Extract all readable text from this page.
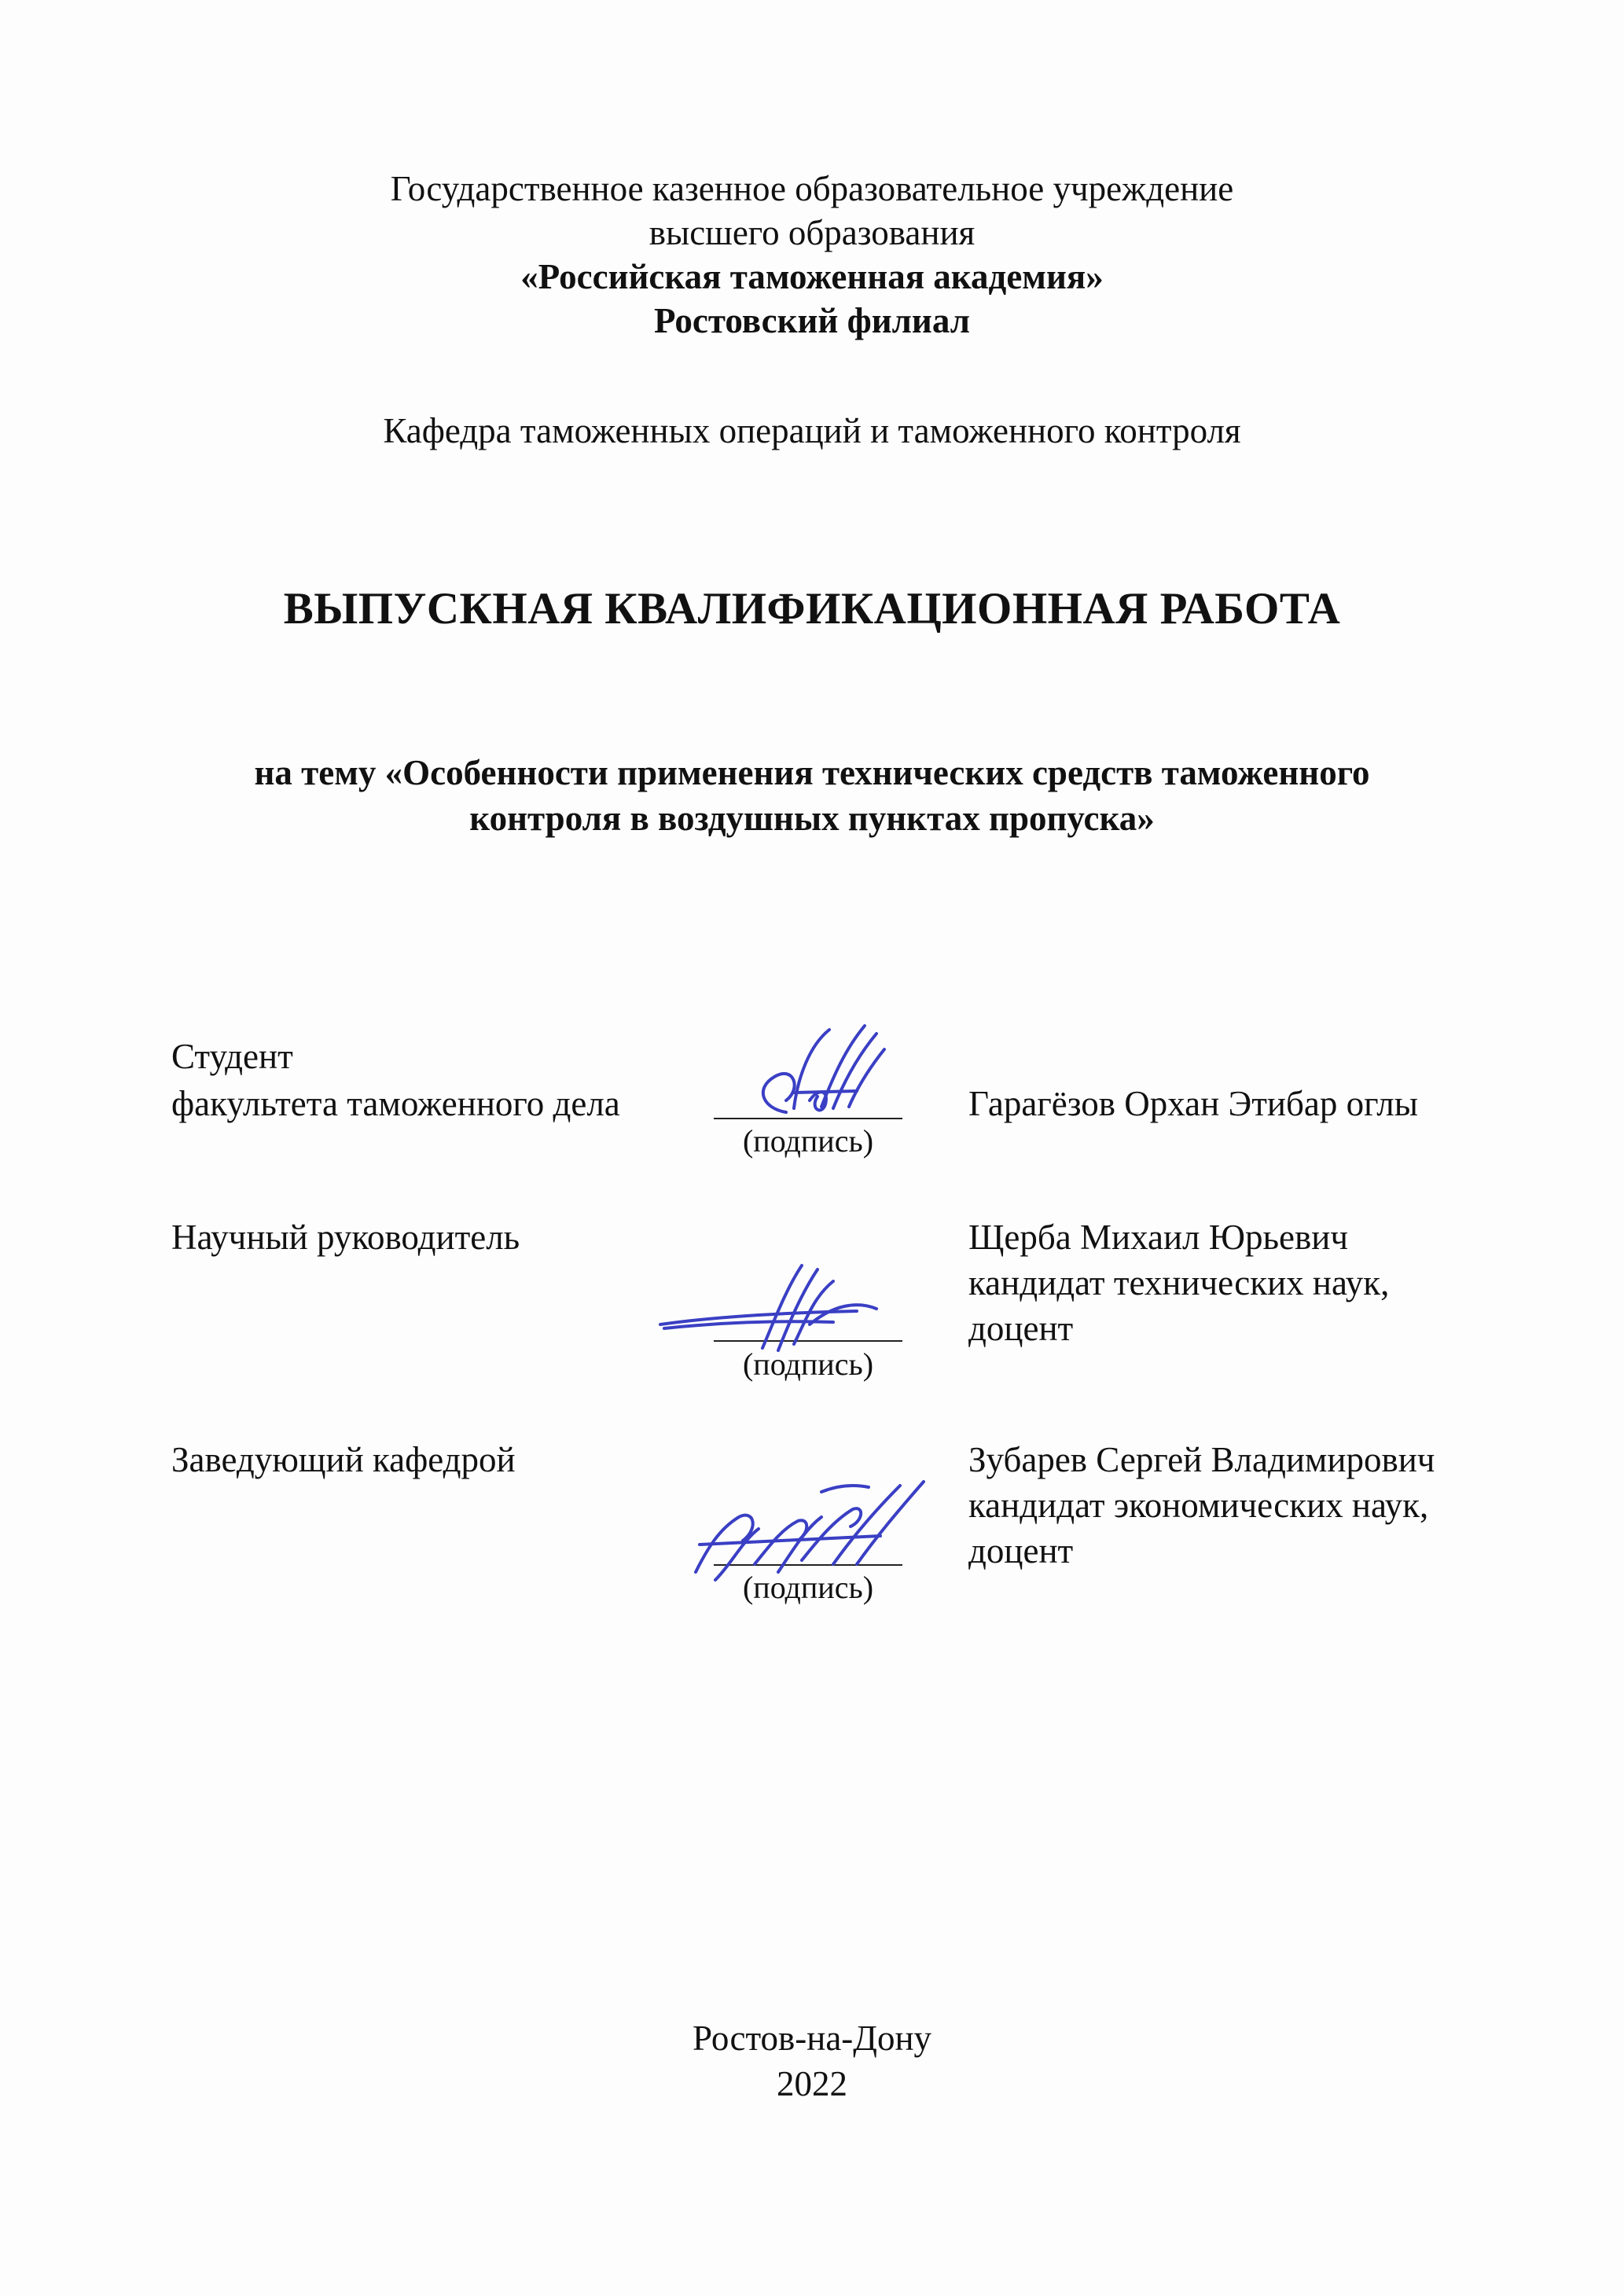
Государственное казенное образовательное учреждение
высшего образования
«Российская таможенная академия»
Ростовский филиал
Кафедра таможенных операций и таможенного контроля
ВЫПУСКНАЯ КВАЛИФИКАЦИОННАЯ РАБОТА
на тему «Особенности применения технических средств таможенного
контроля в воздушных пунктах пропуска»
Студент
факультета таможенного дела
(подпись)
Гарагёзов Орхан Этибар оглы
Научный руководитель
(подпись)
Щерба Михаил Юрьевич
кандидат технических наук,
доцент
Заведующий кафедрой
(подпись)
Зубарев Сергей Владимирович
кандидат экономических наук,
доцент
Ростов-на-Дону
2022
